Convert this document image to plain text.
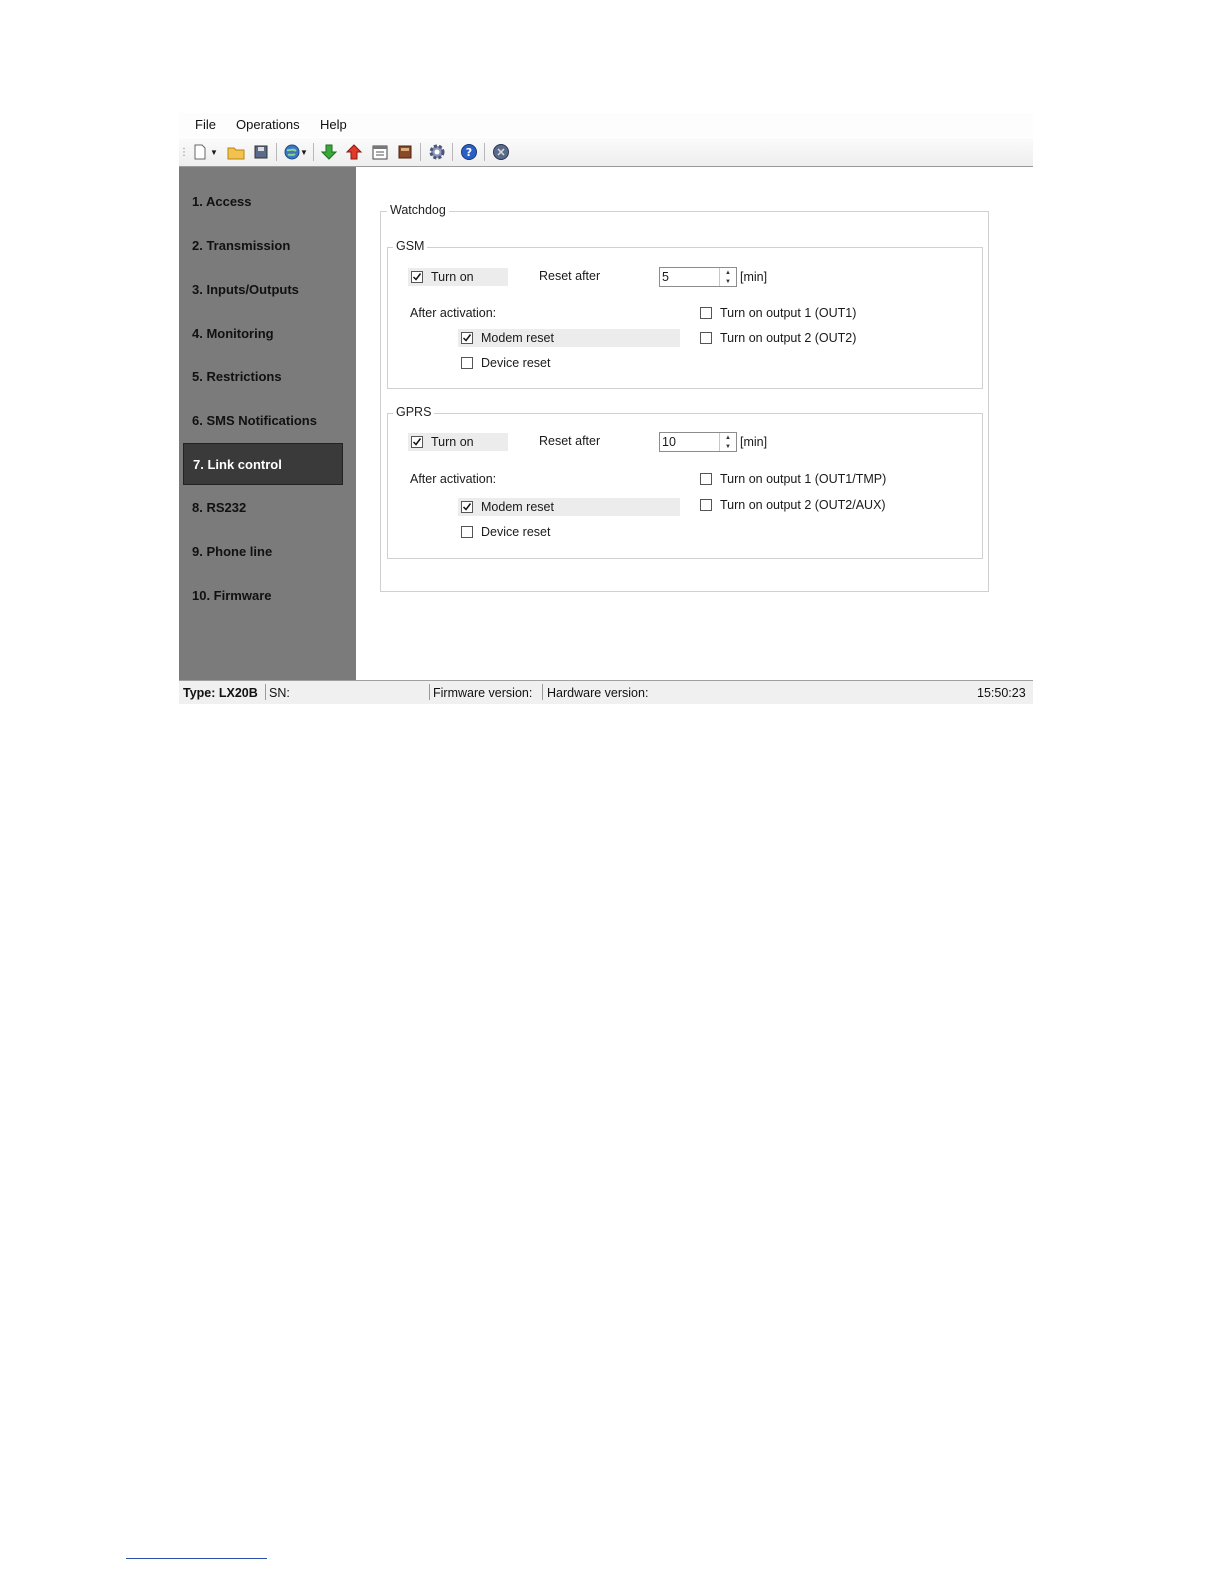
File Operations Help
⋮	▼	▼	?
1. Access
2. Transmission
3. Inputs/Outputs
4. Monitoring
5. Restrictions
6. SMS Notifications
7. Link control
8. RS232
9. Phone line
10. Firmware
Watchdog
GSM
Turn on	Reset after	5	▲
▼ [min]
After activation:
Modem reset
Device reset
Turn on output 1 (OUT1)
Turn on output 2 (OUT2)
GPRS
Turn on	Reset after	10	▲
▼ [min]
After activation:
Modem reset
Device reset
Turn on output 1 (OUT1/TMP)
Turn on output 2 (OUT2/AUX)
Type: LX20B SN:	Firmware version: Hardware version:	15:50:23
